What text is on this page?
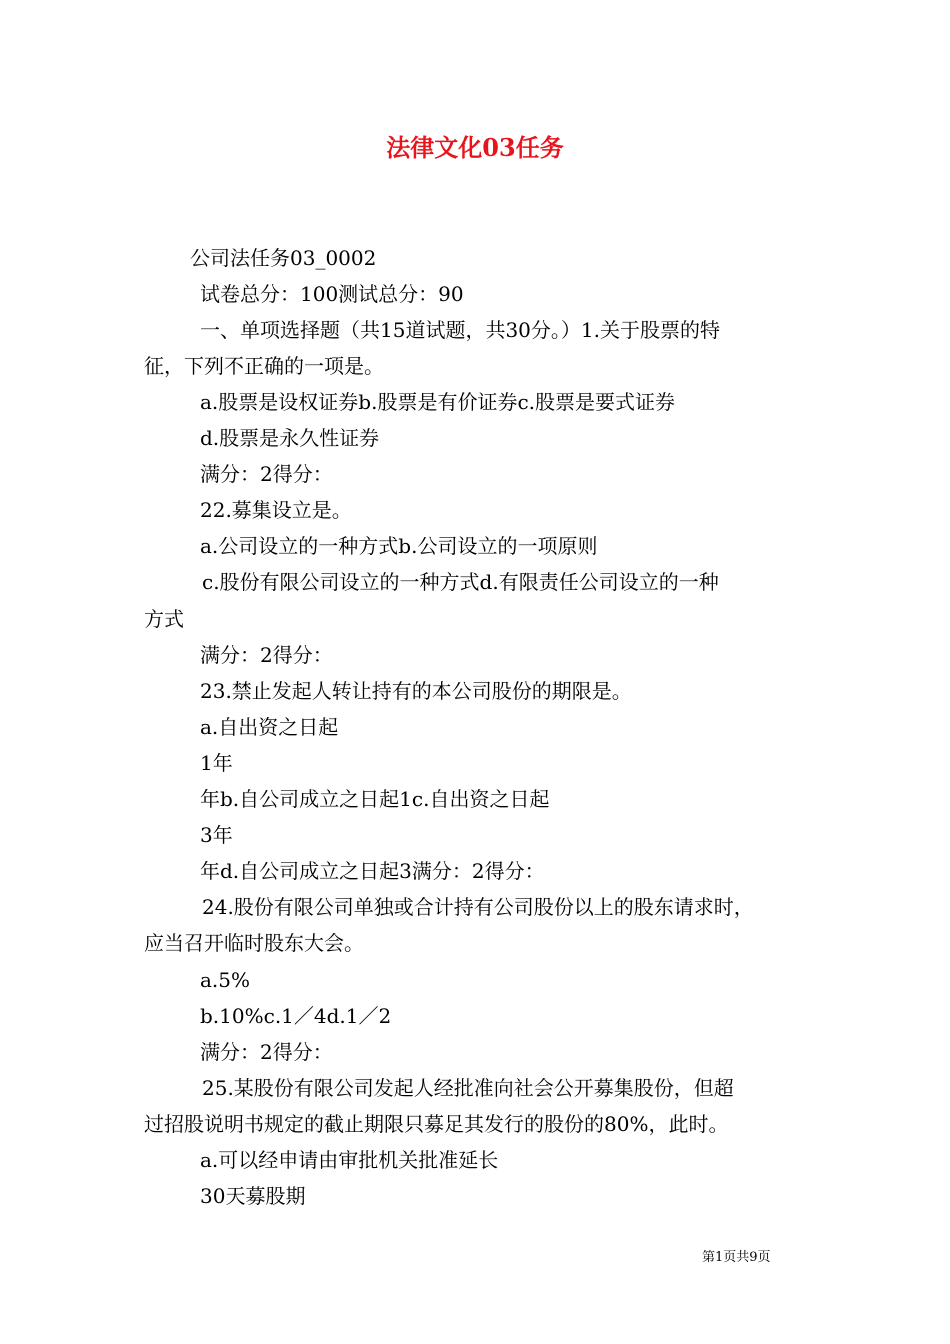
法律文化03任务
公司法任务03_0002
试卷总分：100测试总分：90
一、单项选择题（共15道试题，共30分。）1.关于股票的特
征，下列不正确的一项是。
a.股票是设权证券b.股票是有价证券c.股票是要式证券
d.股票是永久性证券
满分：2得分：
22.募集设立是。
a.公司设立的一种方式b.公司设立的一项原则
c.股份有限公司设立的一种方式d.有限责任公司设立的一种
方式
满分：2得分：
23.禁止发起人转让持有的本公司股份的期限是。
a.自出资之日起
1年
年b.自公司成立之日起1c.自出资之日起
3年
年d.自公司成立之日起3满分：2得分：
24.股份有限公司单独或合计持有公司股份以上的股东请求时，
应当召开临时股东大会。
a.5%
b.10%c.1／4d.1／2
满分：2得分：
25.某股份有限公司发起人经批准向社会公开募集股份，但超
过招股说明书规定的截止期限只募足其发行的股份的80%，此时。
a.可以经申请由审批机关批准延长
30天募股期
第1页共9页
